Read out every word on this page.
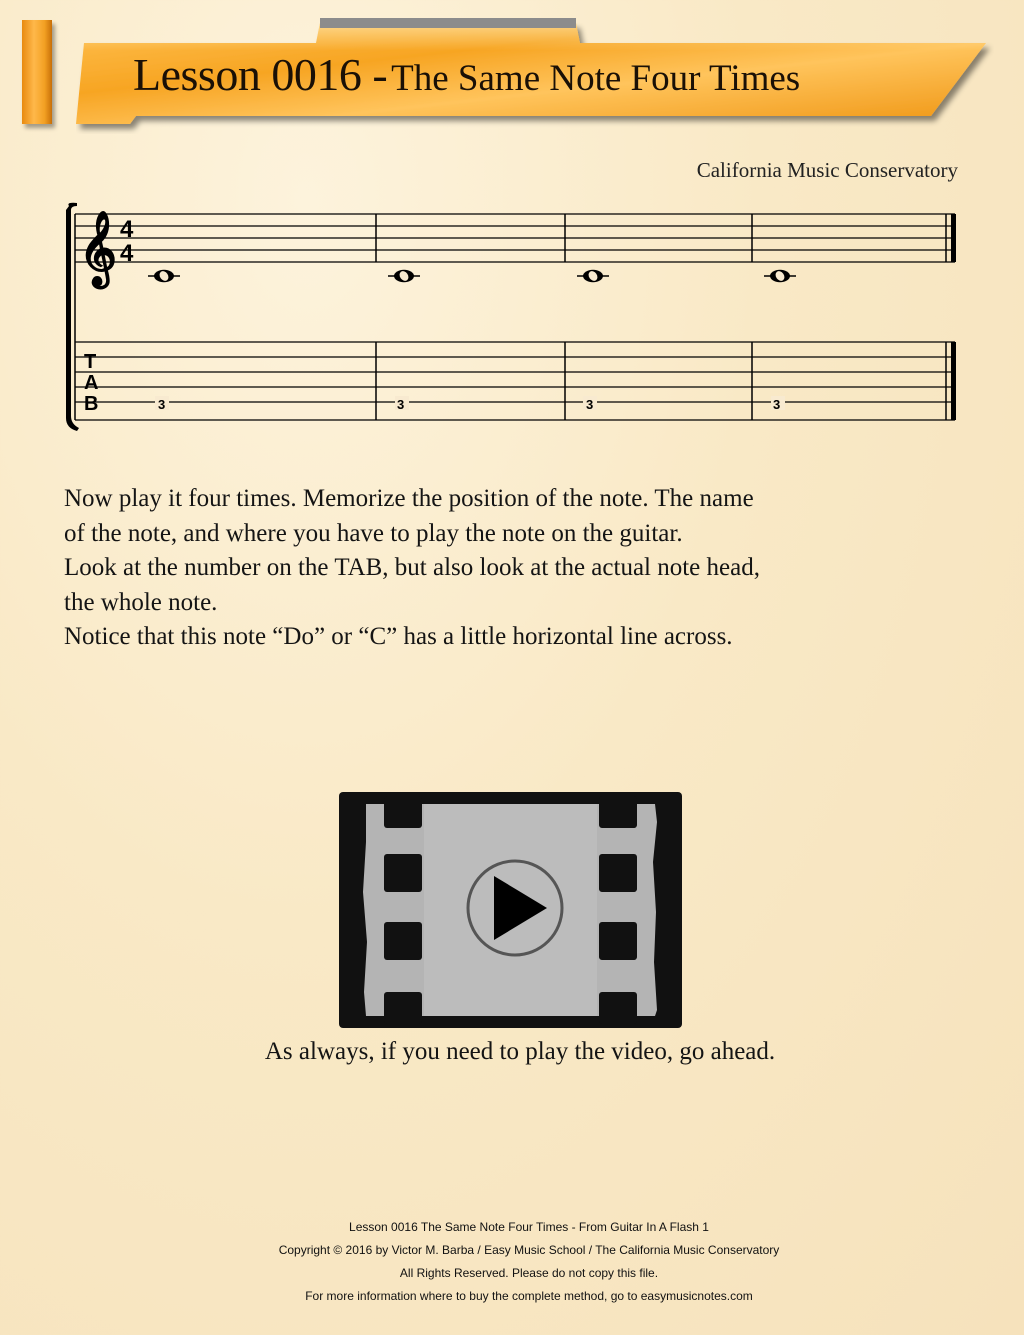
Lesson 0016 - The Same Note Four Times
California Music Conservatory
𝄞 4
4
T
A
B	3	3	3	3

Now play it four times. Memorize the position of the note. The name

of the note, and where you have to play the note on the guitar.

Look at the number on the TAB, but also look at the actual note head,

the whole note.

Notice that this note “Do” or “C” has a little horizontal line across.

As always, if you need to play the video, go ahead.
Lesson 0016 The Same Note Four Times - From Guitar In A Flash 1
Copyright © 2016 by Victor M. Barba / Easy Music School / The California Music Conservatory
All Rights Reserved. Please do not copy this file.
For more information where to buy the complete method, go to easymusicnotes.com
